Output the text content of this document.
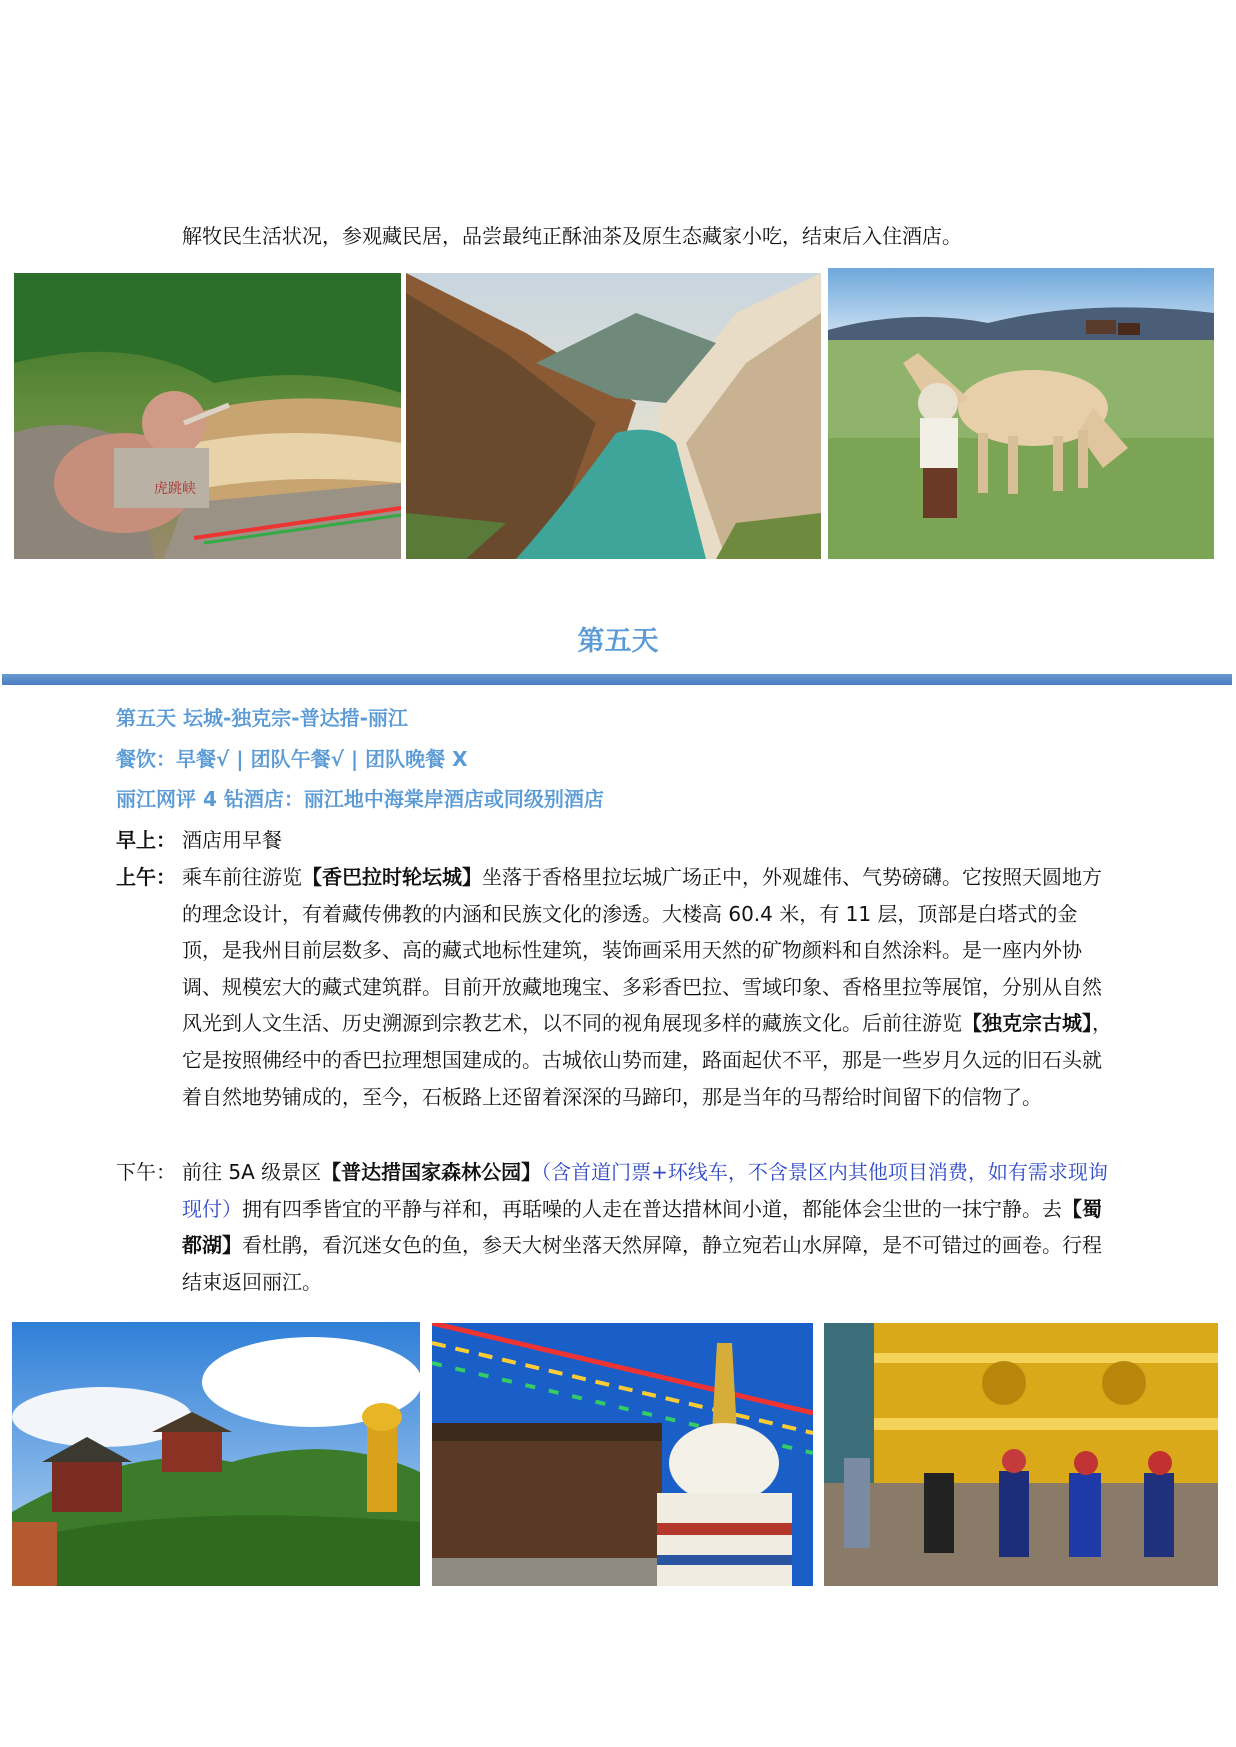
解牧民生活状况，参观藏民居，品尝最纯正酥油茶及原生态藏家小吃，结束后入住酒店。
虎跳峡
第五天
第五天 坛城-独克宗-普达措-丽江
餐饮：早餐√ | 团队午餐√ | 团队晚餐 X
丽江网评 4 钻酒店：丽江地中海棠岸酒店或同级别酒店
早上： 酒店用早餐
上午： 乘车前往游览【香巴拉时轮坛城】坐落于香格里拉坛城广场正中，外观雄伟、气势磅礴。它按照天圆地方的理念设计，有着藏传佛教的内涵和民族文化的渗透。大楼高 60.4 米，有 11 层，顶部是白塔式的金顶，是我州目前层数多、高的藏式地标性建筑，装饰画采用天然的矿物颜料和自然涂料。是一座内外协调、规模宏大的藏式建筑群。目前开放藏地瑰宝、多彩香巴拉、雪域印象、香格里拉等展馆，分别从自然风光到人文生活、历史溯源到宗教艺术，以不同的视角展现多样的藏族文化。后前往游览【独克宗古城】，它是按照佛经中的香巴拉理想国建成的。古城依山势而建，路面起伏不平，那是一些岁月久远的旧石头就着自然地势铺成的，至今，石板路上还留着深深的马蹄印，那是当年的马帮给时间留下的信物了。
下午： 前往 5A 级景区【普达措国家森林公园】（含首道门票+环线车，不含景区内其他项目消费，如有需求现询现付）拥有四季皆宜的平静与祥和，再聒噪的人走在普达措林间小道，都能体会尘世的一抹宁静。去【蜀都湖】看杜鹃，看沉迷女色的鱼，参天大树坐落天然屏障，静立宛若山水屏障，是不可错过的画卷。行程结束返回丽江。
